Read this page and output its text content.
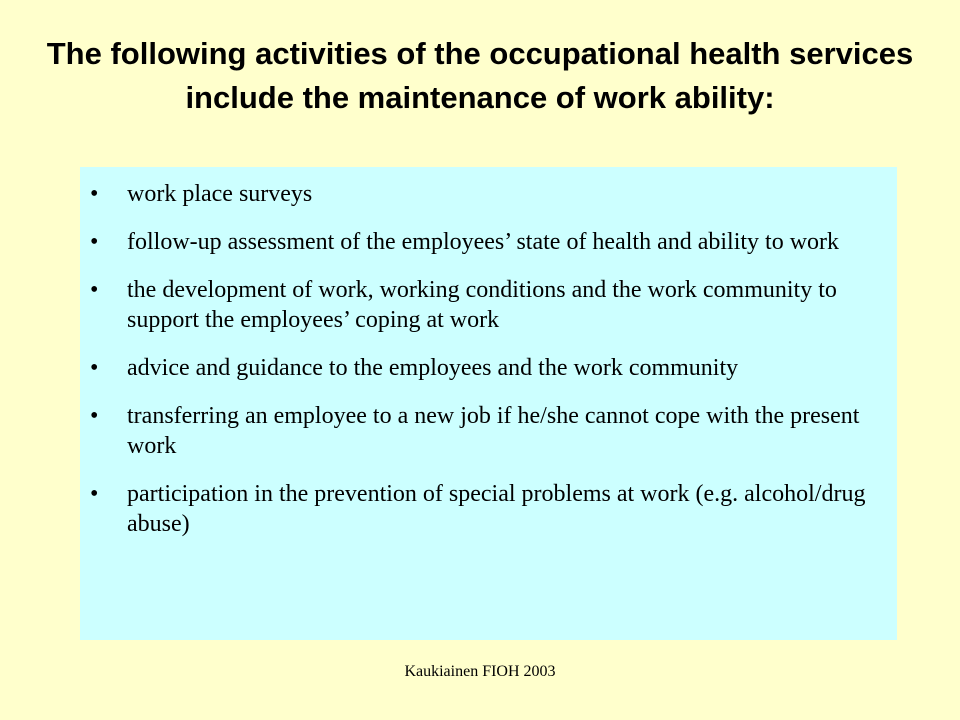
The following activities of the occupational health services include the maintenance of work ability:
• work place surveys
• follow-up assessment of the employees’ state of health and ability to work
• the development of work, working conditions and the work community to support the employees’ coping at work
• advice and guidance to the employees and the work community
• transferring an employee to a new job if he/she cannot cope with the present work
• participation in the prevention of special problems at work (e.g. alcohol/drug abuse)
Kaukiainen FIOH 2003
